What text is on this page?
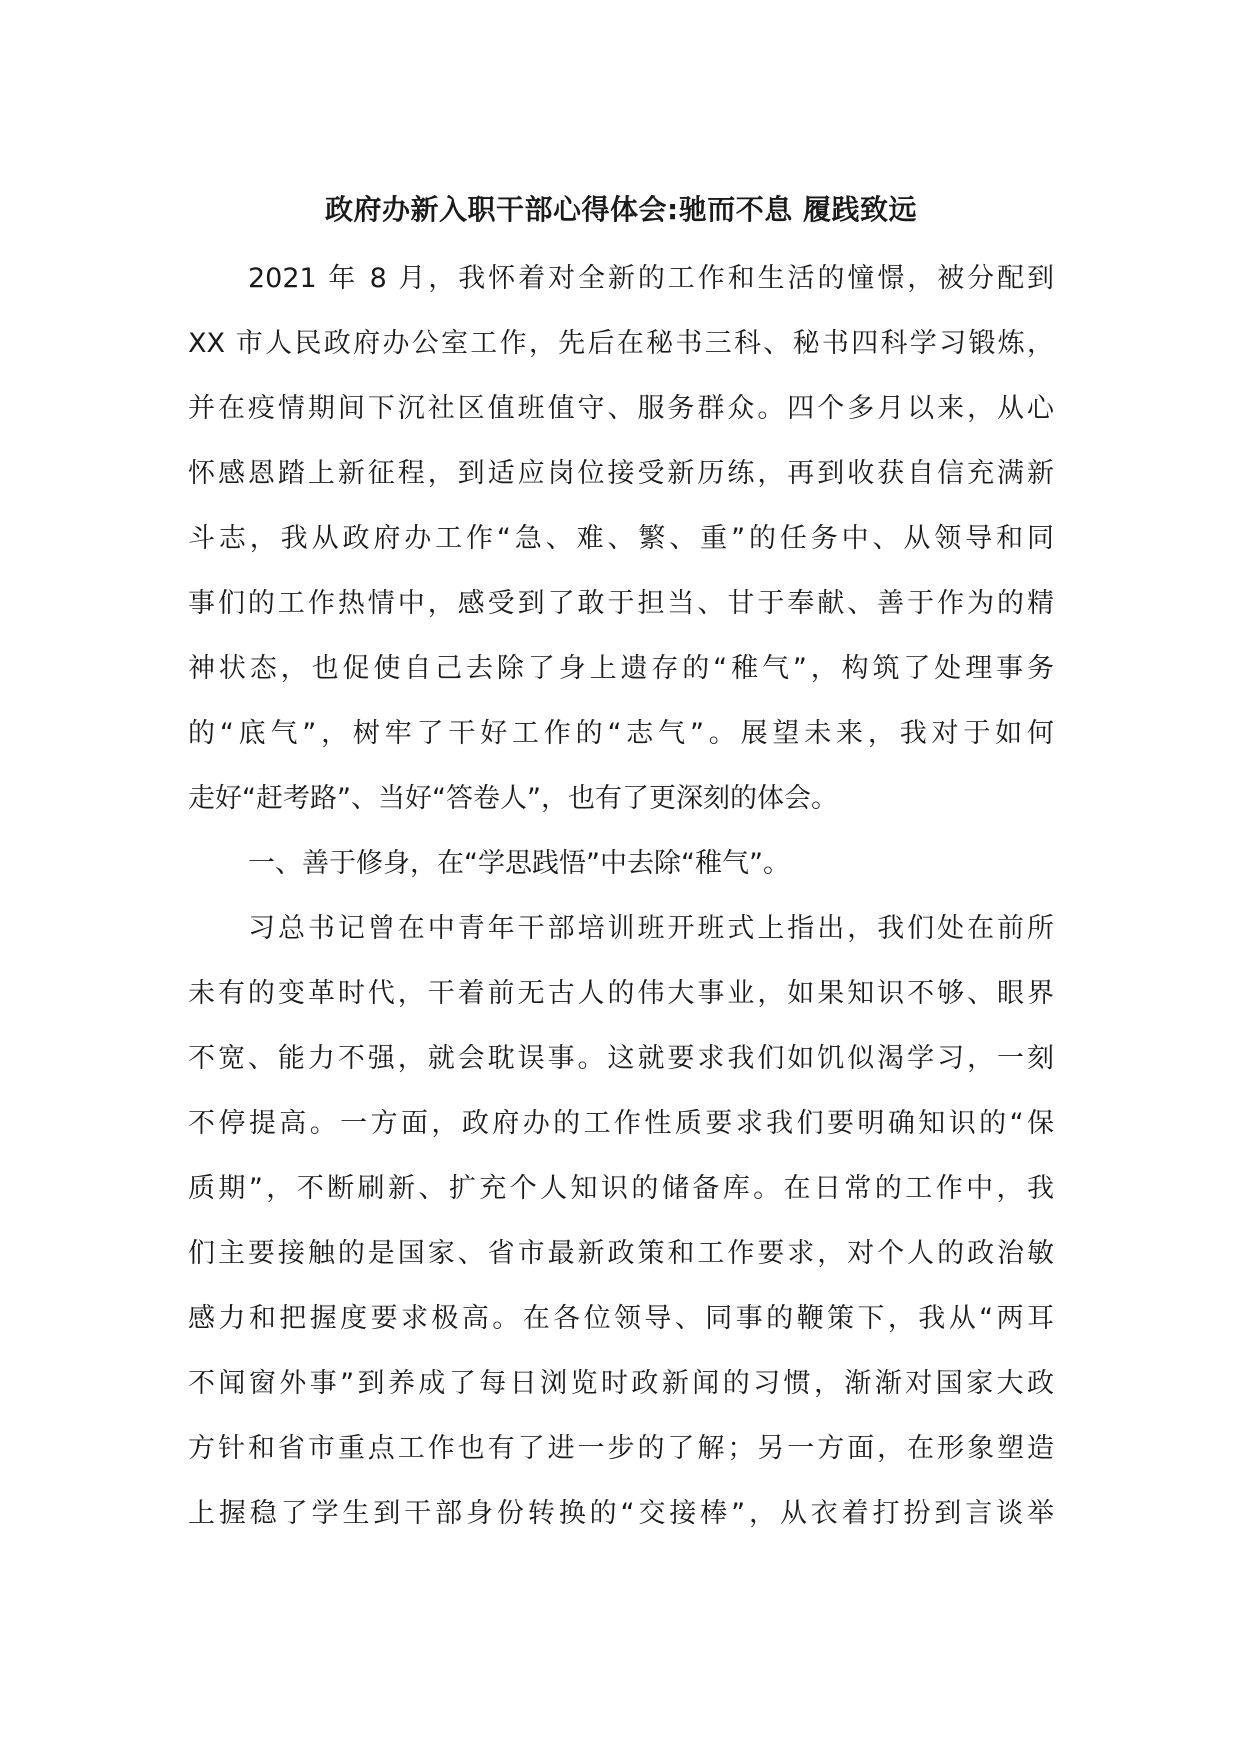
政府办新入职干部心得体会:驰而不息 履践致远
2021 年 8 月，我怀着对全新的工作和生活的憧憬，被分配到
XX 市人民政府办公室工作，先后在秘书三科、秘书四科学习锻炼，
并在疫情期间下沉社区值班值守、服务群众。四个多月以来，从心
怀感恩踏上新征程，到适应岗位接受新历练，再到收获自信充满新
斗志，我从政府办工作“急、难、繁、重”的任务中、从领导和同
事们的工作热情中，感受到了敢于担当、甘于奉献、善于作为的精
神状态，也促使自己去除了身上遗存的“稚气”，构筑了处理事务
的“底气”，树牢了干好工作的“志气”。展望未来，我对于如何
走好“赶考路”、当好“答卷人”，也有了更深刻的体会。
一、善于修身，在“学思践悟”中去除“稚气”。
习总书记曾在中青年干部培训班开班式上指出，我们处在前所
未有的变革时代，干着前无古人的伟大事业，如果知识不够、眼界
不宽、能力不强，就会耽误事。这就要求我们如饥似渴学习，一刻
不停提高。一方面，政府办的工作性质要求我们要明确知识的“保
质期”，不断刷新、扩充个人知识的储备库。在日常的工作中，我
们主要接触的是国家、省市最新政策和工作要求，对个人的政治敏
感力和把握度要求极高。在各位领导、同事的鞭策下，我从“两耳
不闻窗外事”到养成了每日浏览时政新闻的习惯，渐渐对国家大政
方针和省市重点工作也有了进一步的了解；另一方面，在形象塑造
上握稳了学生到干部身份转换的“交接棒”，从衣着打扮到言谈举
